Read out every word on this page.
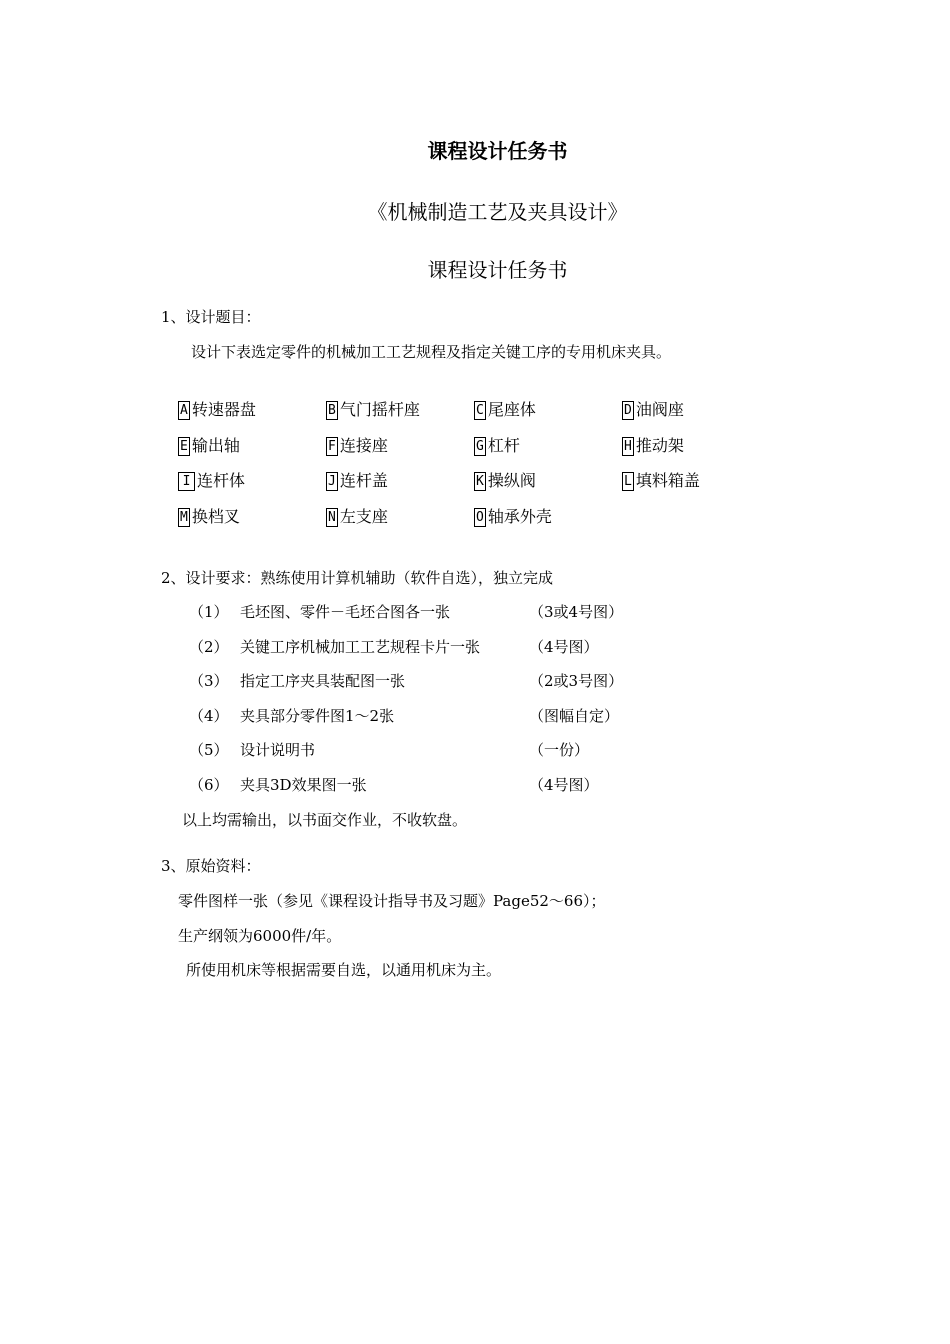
课程设计任务书
《机械制造工艺及夹具设计》
课程设计任务书
1、设计题目：
设计下表选定零件的机械加工工艺规程及指定关键工序的专用机床夹具。
A 转速器盘	B 气门摇杆座	C 尾座体	D 油阀座
E 输出轴	F 连接座	G 杠杆	H 推动架
I 连杆体	J 连杆盖	K 操纵阀	L 填料箱盖
M 换档叉	N 左支座	O 轴承外壳
2、设计要求：熟练使用计算机辅助（软件自选），独立完成
（1） 毛坯图、零件－毛坯合图各一张	（3或4号图）
（2） 关键工序机械加工工艺规程卡片一张	（4号图）
（3） 指定工序夹具装配图一张	（2或3号图）
（4） 夹具部分零件图1～2张	（图幅自定）
（5） 设计说明书	（一份）
（6） 夹具3D效果图一张	（4号图）
以上均需输出，以书面交作业，不收软盘。
3、原始资料：
零件图样一张（参见《课程设计指导书及习题》Page52～66）；
生产纲领为6000件/年。
所使用机床等根据需要自选，以通用机床为主。
